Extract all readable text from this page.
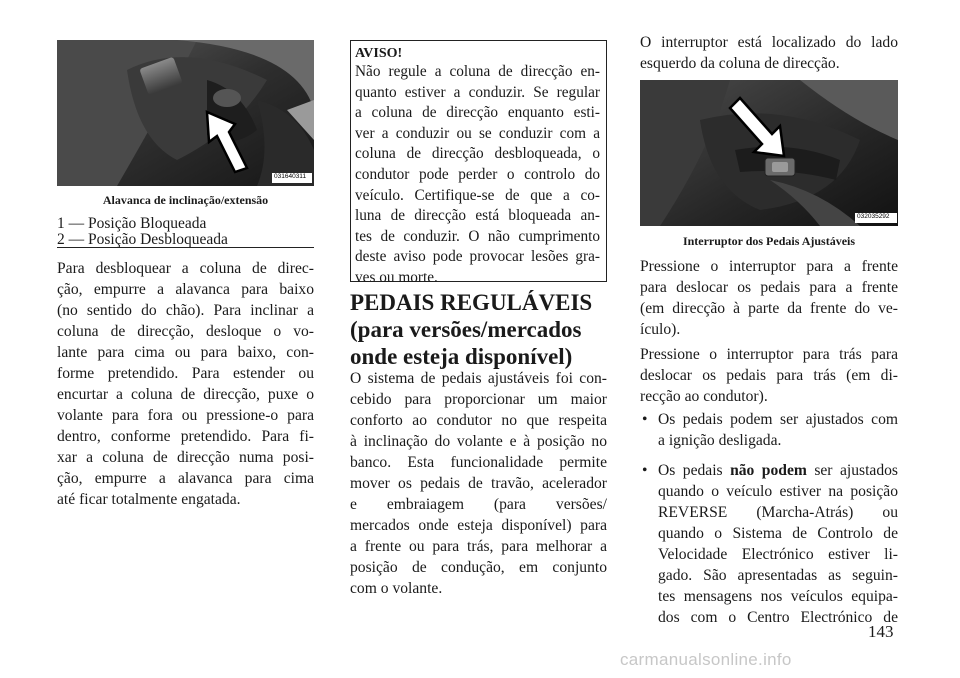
031640311
Alavanca de inclinação/extensão
1 — Posição Bloqueada
2 — Posição Desbloqueada
Para desbloquear a coluna de direc-
ção, empurre a alavanca para baixo
(no sentido do chão). Para inclinar a
coluna de direcção, desloque o vo-
lante para cima ou para baixo, con-
forme pretendido. Para estender ou
encurtar a coluna de direcção, puxe o
volante para fora ou pressione-o para
dentro, conforme pretendido. Para fi-
xar a coluna de direcção numa posi-
ção, empurre a alavanca para cima
até ficar totalmente engatada.
AVISO!
Não regule a coluna de direcção en-
quanto estiver a conduzir. Se regular
a coluna de direcção enquanto esti-
ver a conduzir ou se conduzir com a
coluna de direcção desbloqueada, o
condutor pode perder o controlo do
veículo. Certifique-se de que a co-
luna de direcção está bloqueada an-
tes de conduzir. O não cumprimento
deste aviso pode provocar lesões gra-
ves ou morte.
PEDAIS REGULÁVEIS
(para versões/mercados
onde esteja disponível)
O sistema de pedais ajustáveis foi con-
cebido para proporcionar um maior
conforto ao condutor no que respeita
à inclinação do volante e à posição no
banco. Esta funcionalidade permite
mover os pedais de travão, acelerador
e embraiagem (para versões/
mercados onde esteja disponível) para
a frente ou para trás, para melhorar a
posição de condução, em conjunto
com o volante.
O interruptor está localizado do lado
esquerdo da coluna de direcção.
032035292
Interruptor dos Pedais Ajustáveis
Pressione o interruptor para a frente
para deslocar os pedais para a frente
(em direcção à parte da frente do ve-
ículo).
Pressione o interruptor para trás para
deslocar os pedais para trás (em di-
recção ao condutor).
• Os pedais podem ser ajustados com
a ignição desligada.
• Os pedais não podem ser ajustados
quando o veículo estiver na posição
REVERSE (Marcha-Atrás) ou
quando o Sistema de Controlo de
Velocidade Electrónico estiver li-
gado. São apresentadas as seguin-
tes mensagens nos veículos equipa-
dos com o Centro Electrónico de
143
carmanualsonline.info
